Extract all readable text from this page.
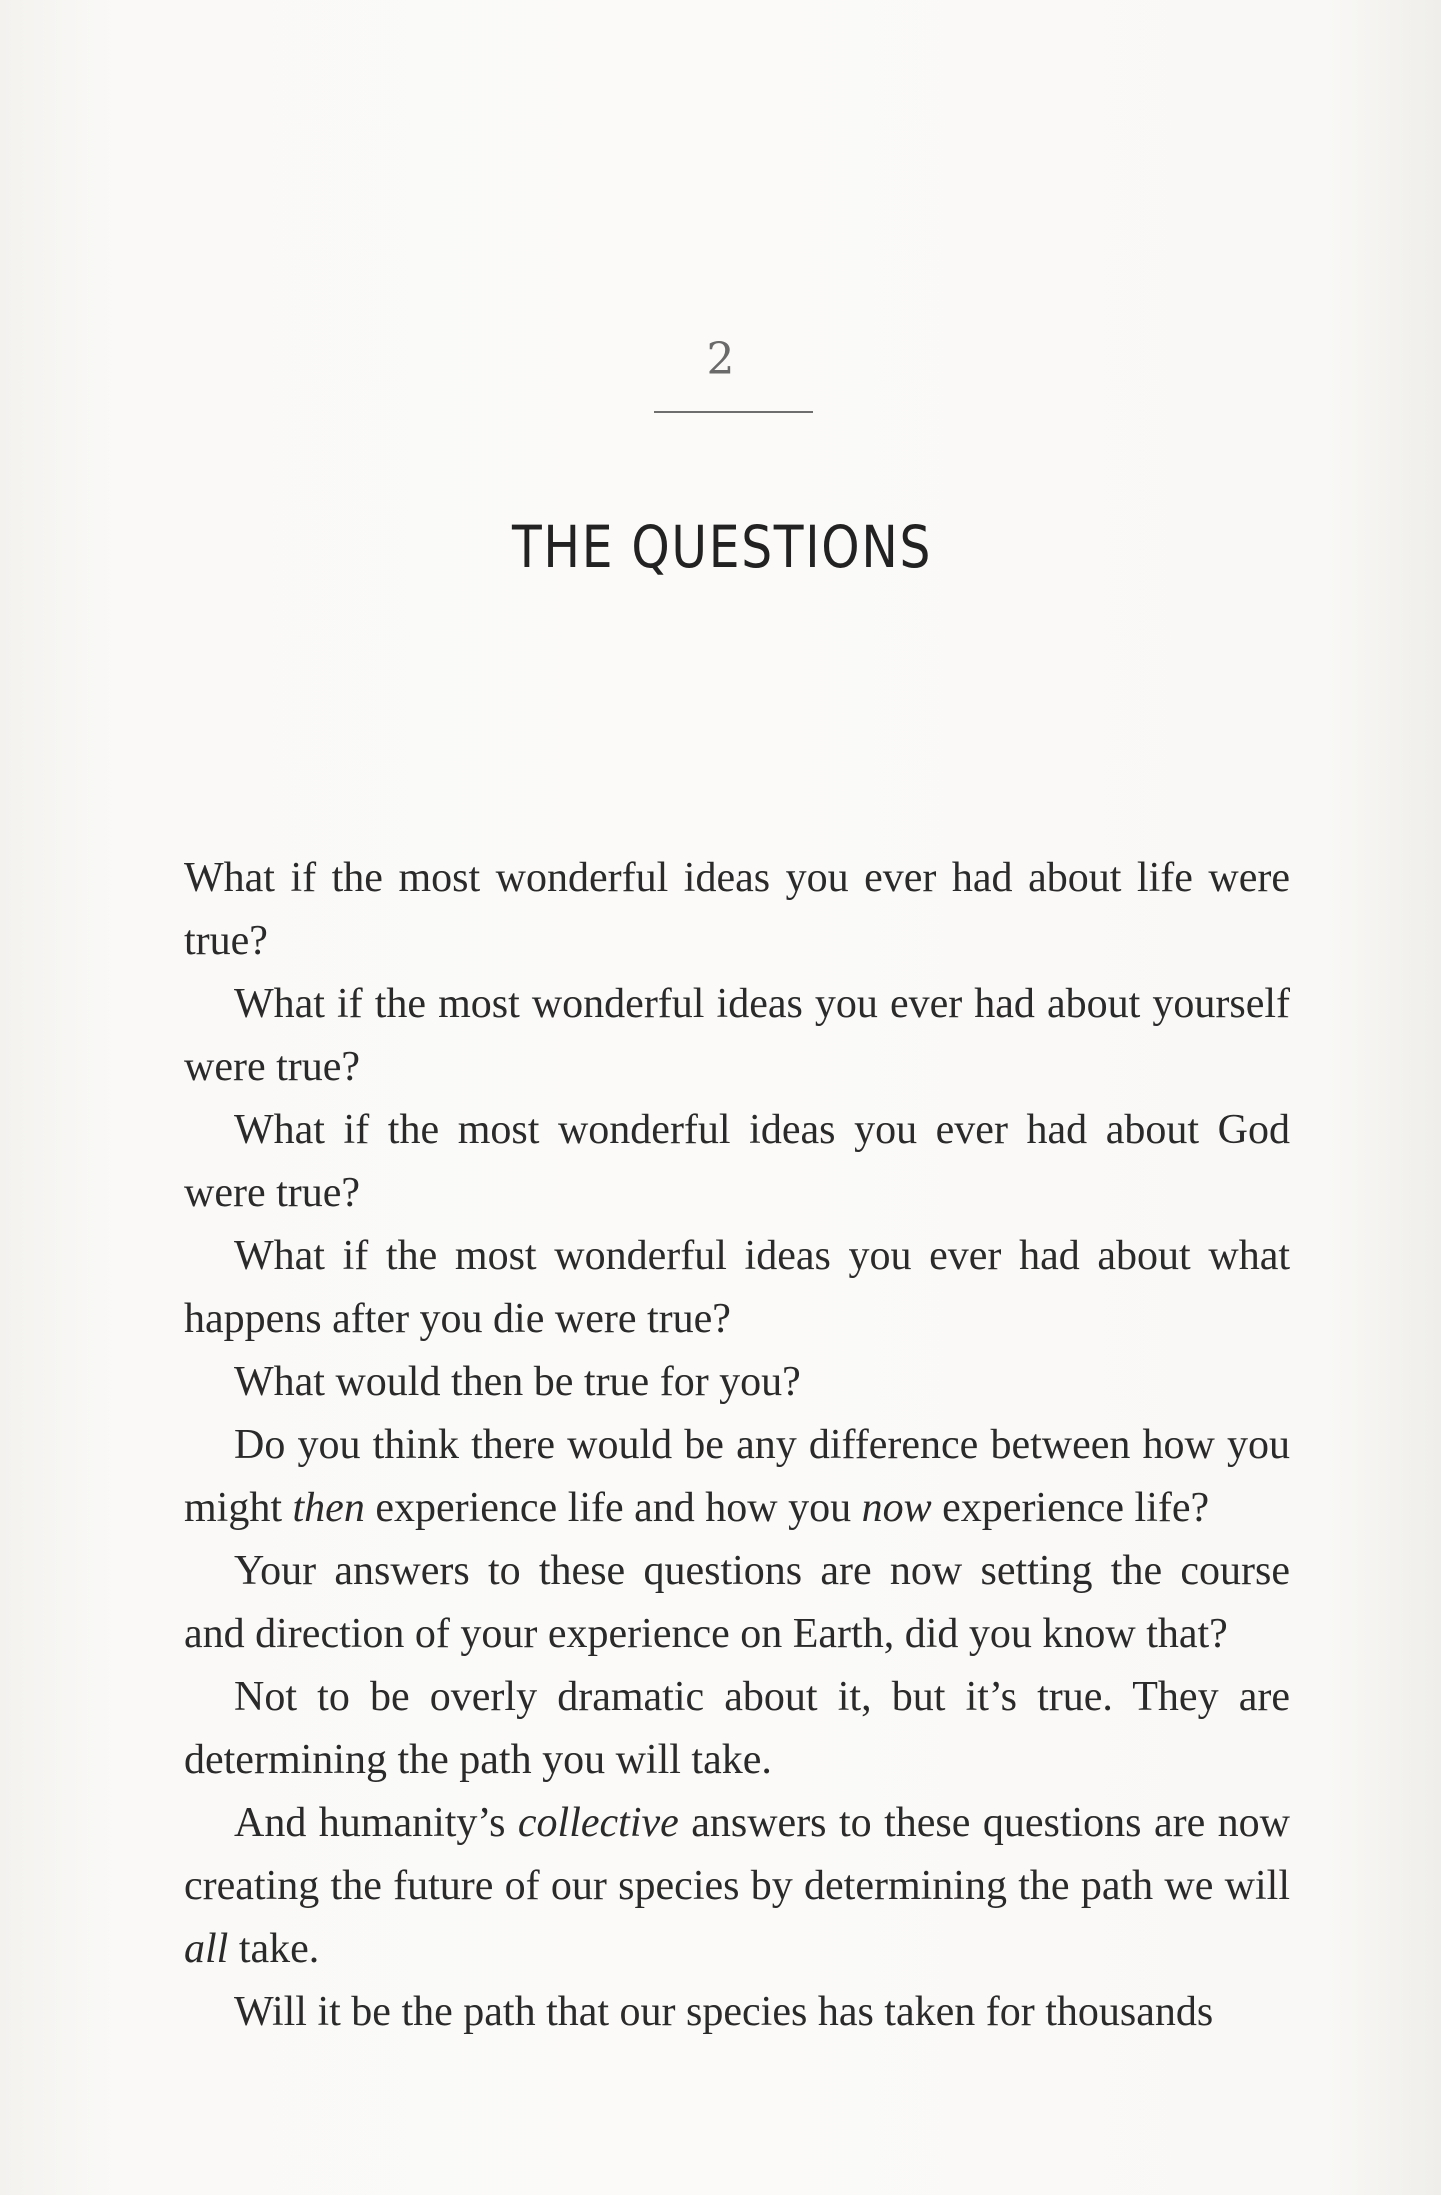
2
THE QUESTIONS

What if the most wonderful ideas you ever had about life were true?

What if the most wonderful ideas you ever had about yourself were true?

What if the most wonderful ideas you ever had about God were true?

What if the most wonderful ideas you ever had about what happens after you die were true?

What would then be true for you?

Do you think there would be any difference between how you might then experience life and how you now experience life?

Your answers to these questions are now setting the course and direction of your experience on Earth, did you know that?

Not to be overly dramatic about it, but it’s true. They are determining the path you will take.

And humanity’s collective answers to these questions are now creating the future of our species by determining the path we will all take.

Will it be the path that our species has taken for thousands
